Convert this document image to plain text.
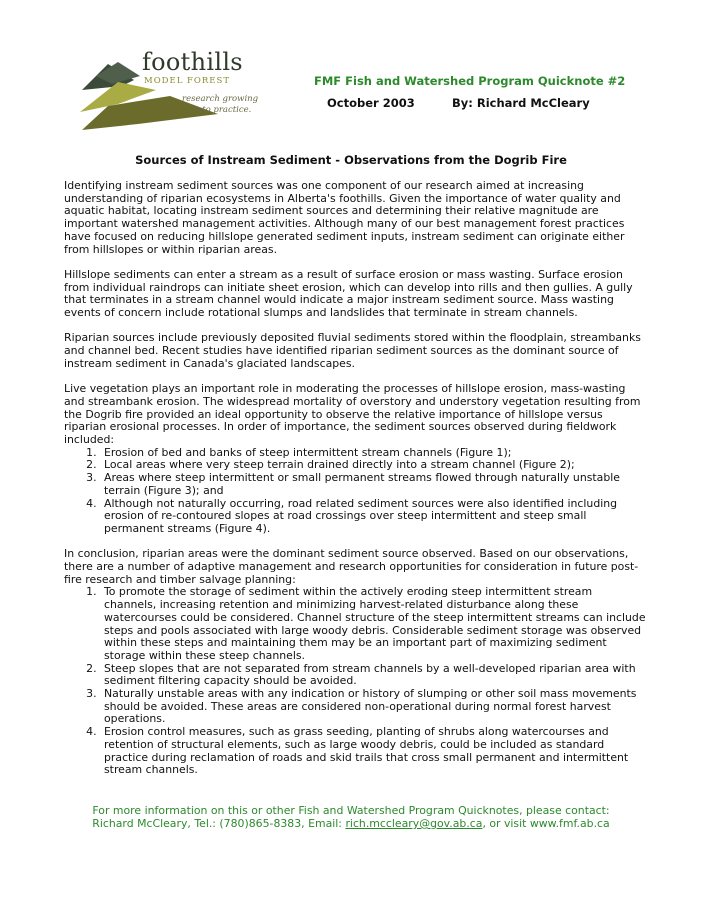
foothills
MODEL FOREST
research growing
into practice.
FMF Fish and Watershed Program Quicknote #2
October 2003	By: Richard McCleary
Sources of Instream Sediment - Observations from the Dogrib Fire

Identifying instream sediment sources was one component of our research aimed at increasing understanding of riparian ecosystems in Alberta's foothills. Given the importance of water quality and aquatic habitat, locating instream sediment sources and determining their relative magnitude are important watershed management activities. Although many of our best management forest practices have focused on reducing hillslope generated sediment inputs, instream sediment can originate either from hillslopes or within riparian areas.

Hillslope sediments can enter a stream as a result of surface erosion or mass wasting. Surface erosion from individual raindrops can initiate sheet erosion, which can develop into rills and then gullies. A gully that terminates in a stream channel would indicate a major instream sediment source. Mass wasting events of concern include rotational slumps and landslides that terminate in stream channels.

Riparian sources include previously deposited fluvial sediments stored within the floodplain, streambanks and channel bed. Recent studies have identified riparian sediment sources as the dominant source of instream sediment in Canada's glaciated landscapes.

Live vegetation plays an important role in moderating the processes of hillslope erosion, mass-wasting and streambank erosion. The widespread mortality of overstory and understory vegetation resulting from the Dogrib fire provided an ideal opportunity to observe the relative importance of hillslope versus riparian erosional processes. In order of importance, the sediment sources observed during fieldwork included:

1. Erosion of bed and banks of steep intermittent stream channels (Figure 1);
2. Local areas where very steep terrain drained directly into a stream channel (Figure 2);
3. Areas where steep intermittent or small permanent streams flowed through naturally unstable terrain (Figure 3); and
4. Although not naturally occurring, road related sediment sources were also identified including erosion of re-contoured slopes at road crossings over steep intermittent and steep small permanent streams (Figure 4).

In conclusion, riparian areas were the dominant sediment source observed. Based on our observations, there are a number of adaptive management and research opportunities for consideration in future post-fire research and timber salvage planning:

1. To promote the storage of sediment within the actively eroding steep intermittent stream channels, increasing retention and minimizing harvest-related disturbance along these watercourses could be considered. Channel structure of the steep intermittent streams can include steps and pools associated with large woody debris. Considerable sediment storage was observed within these steps and maintaining them may be an important part of maximizing sediment storage within these steep channels.
2. Steep slopes that are not separated from stream channels by a well-developed riparian area with sediment filtering capacity should be avoided.
3. Naturally unstable areas with any indication or history of slumping or other soil mass movements should be avoided. These areas are considered non-operational during normal forest harvest operations.
4. Erosion control measures, such as grass seeding, planting of shrubs along watercourses and retention of structural elements, such as large woody debris, could be included as standard practice during reclamation of roads and skid trails that cross small permanent and intermittent stream channels.
For more information on this or other Fish and Watershed Program Quicknotes, please contact:
Richard McCleary, Tel.: (780)865-8383, Email: rich.mccleary@gov.ab.ca, or visit www.fmf.ab.ca
